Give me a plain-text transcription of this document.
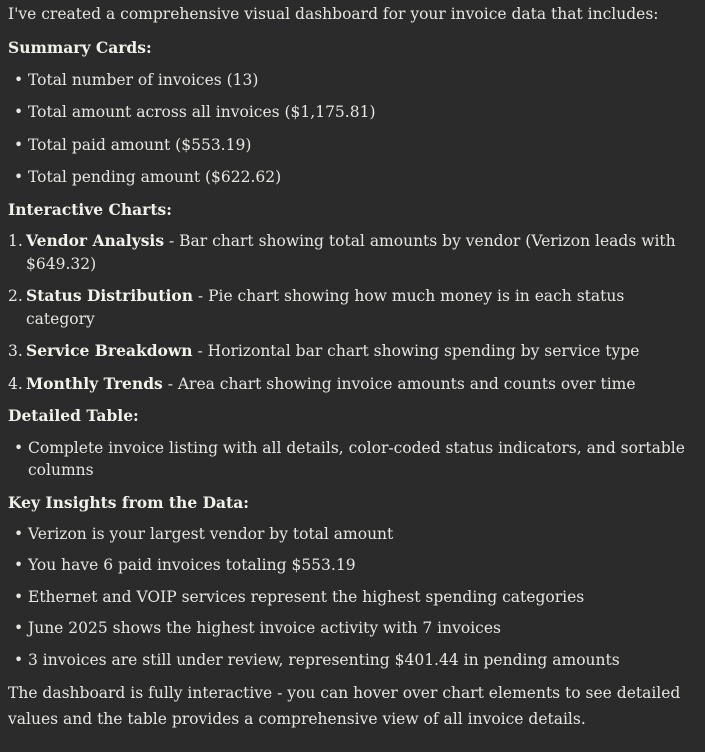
I've created a comprehensive visual dashboard for your invoice data that includes:

Summary Cards:
• Total number of invoices (13)
• Total amount across all invoices ($1,175.81)
• Total paid amount ($553.19)
• Total pending amount ($622.62)
Interactive Charts:
1. Vendor Analysis - Bar chart showing total amounts by vendor (Verizon leads with $649.32)
2. Status Distribution - Pie chart showing how much money is in each status category
3. Service Breakdown - Horizontal bar chart showing spending by service type
4. Monthly Trends - Area chart showing invoice amounts and counts over time
Detailed Table:
• Complete invoice listing with all details, color-coded status indicators, and sortable columns
Key Insights from the Data:
• Verizon is your largest vendor by total amount
• You have 6 paid invoices totaling $553.19
• Ethernet and VOIP services represent the highest spending categories
• June 2025 shows the highest invoice activity with 7 invoices
• 3 invoices are still under review, representing $401.44 in pending amounts

The dashboard is fully interactive - you can hover over chart elements to see detailed values and the table provides a comprehensive view of all invoice details.
